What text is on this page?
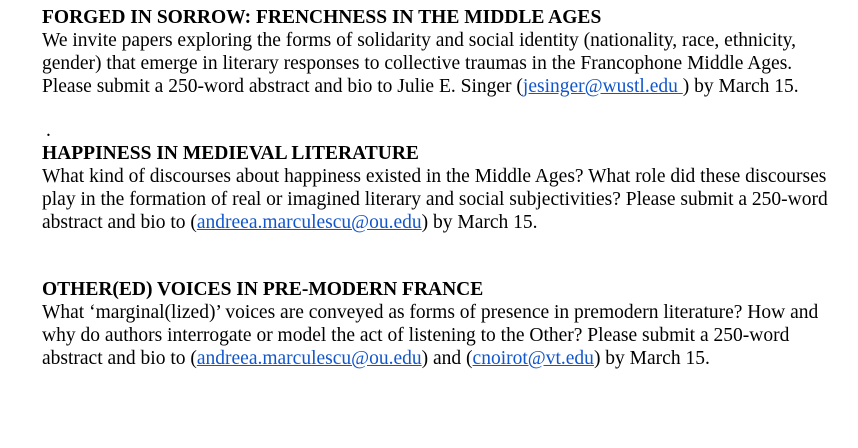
FORGED IN SORROW: FRENCHNESS IN THE MIDDLE AGES

We invite papers exploring the forms of solidarity and social identity (nationality, race, ethnicity, gender) that emerge in literary responses to collective traumas in the Francophone Middle Ages. Please submit a 250-word abstract and bio to Julie E. Singer (jesinger@wustl.edu ) by March 15.

.

HAPPINESS IN MEDIEVAL LITERATURE

What kind of discourses about happiness existed in the Middle Ages? What role did these discourses play in the formation of real or imagined literary and social subjectivities? Please submit a 250-word abstract and bio to (andreea.marculescu@ou.edu) by March 15.

OTHER(ED) VOICES IN PRE-MODERN FRANCE

What ‘marginal(lized)’ voices are conveyed as forms of presence in premodern literature? How and why do authors interrogate or model the act of listening to the Other? Please submit a 250-word abstract and bio to (andreea.marculescu@ou.edu) and (cnoirot@vt.edu) by March 15.
